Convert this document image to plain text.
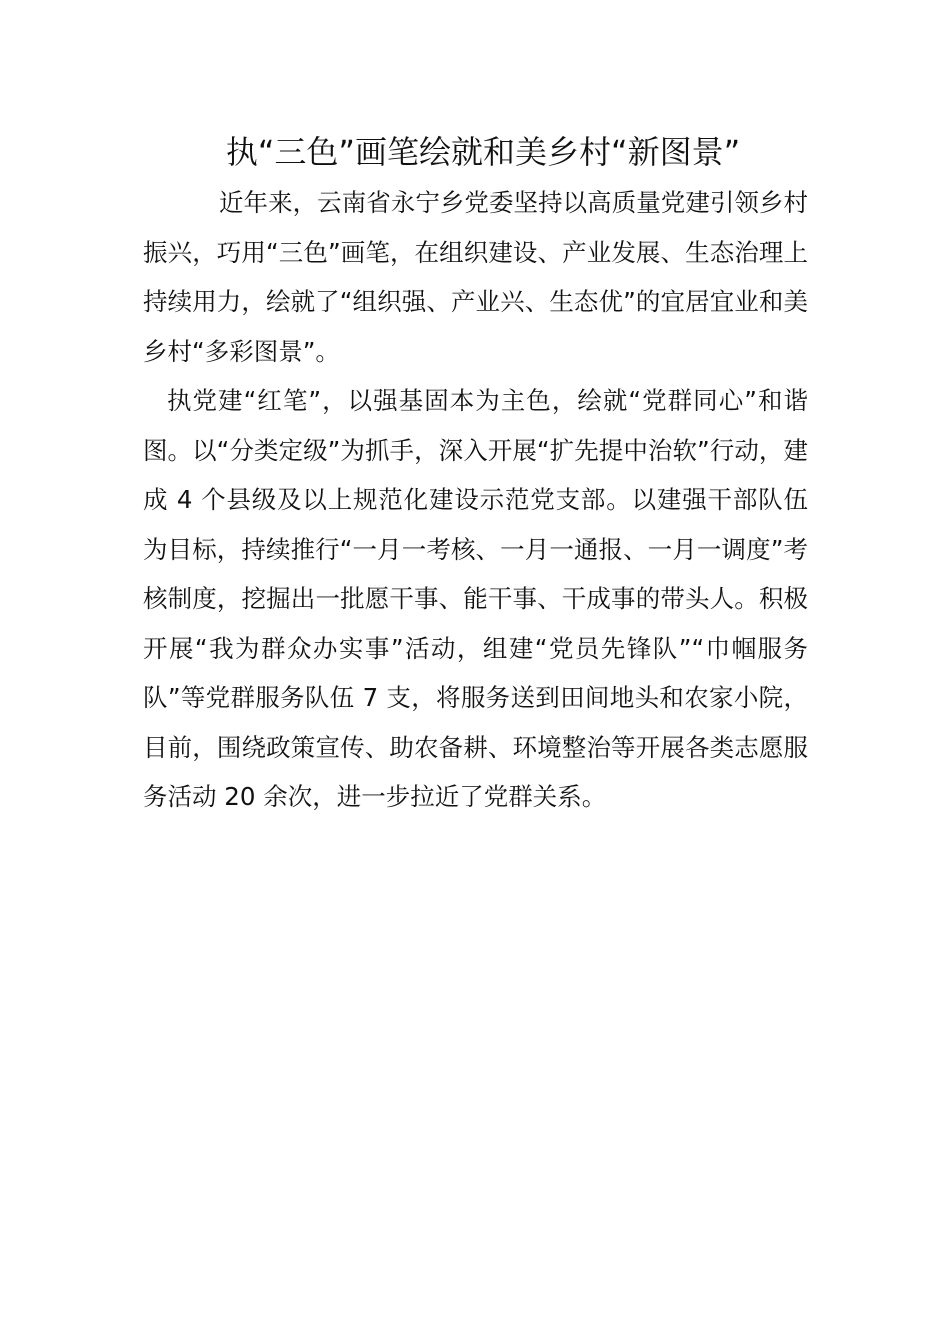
执“三色”画笔绘就和美乡村“新图景”

近年来，云南省永宁乡党委坚持以高质量党建引领乡村振兴，巧用“三色”画笔，在组织建设、产业发展、生态治理上持续用力，绘就了“组织强、产业兴、生态优”的宜居宜业和美乡村“多彩图景”。

执党建“红笔”，以强基固本为主色，绘就“党群同心”和谐图。以“分类定级”为抓手，深入开展“扩先提中治软”行动，建成 4 个县级及以上规范化建设示范党支部。以建强干部队伍为目标，持续推行“一月一考核、一月一通报、一月一调度”考核制度，挖掘出一批愿干事、能干事、干成事的带头人。积极开展“我为群众办实事”活动，组建“党员先锋队”“巾帼服务队”等党群服务队伍 7 支，将服务送到田间地头和农家小院，目前，围绕政策宣传、助农备耕、环境整治等开展各类志愿服务活动 20 余次，进一步拉近了党群关系。
